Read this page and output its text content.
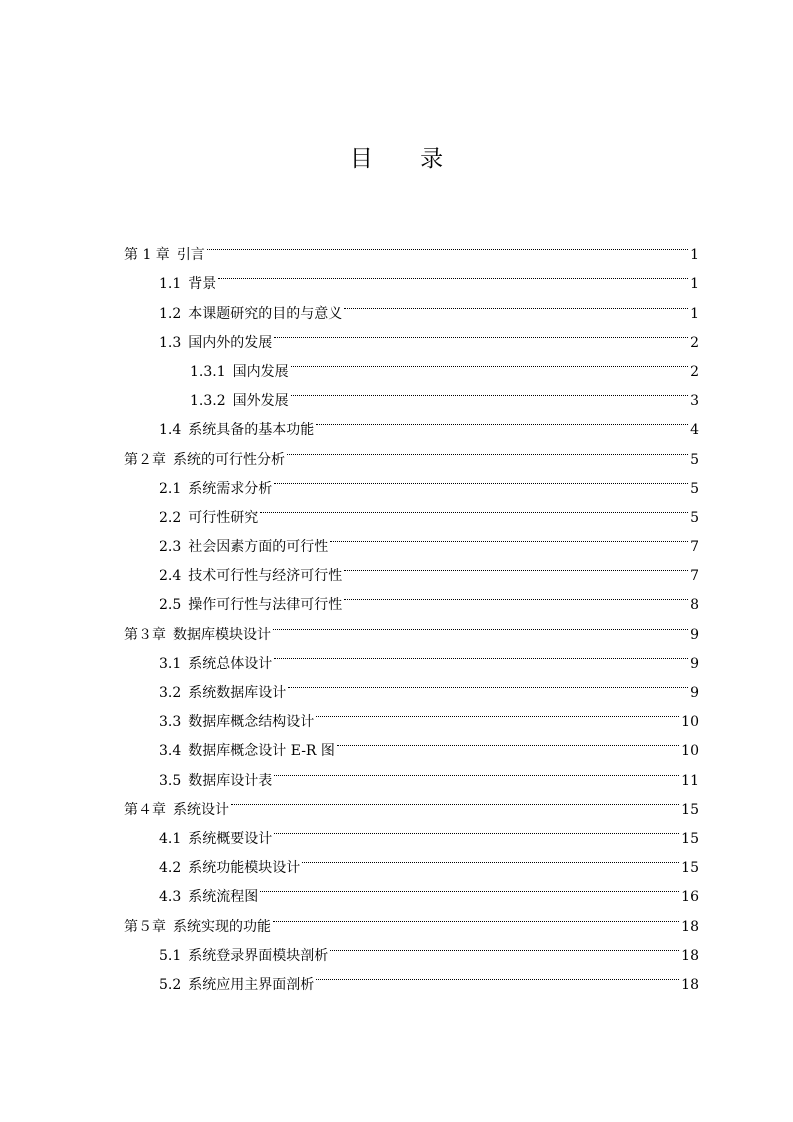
目 录
第 1 章 引言	1
1.1 背景	1
1.2 本课题研究的目的与意义	1
1.3 国内外的发展	2
1.3.1 国内发展	2
1.3.2 国外发展	3
1.4 系统具备的基本功能	4
第２章 系统的可行性分析	5
2.1 系统需求分析	5
2.2 可行性研究	5
2.3 社会因素方面的可行性	7
2.4 技术可行性与经济可行性	7
2.5 操作可行性与法律可行性	8
第３章 数据库模块设计	9
3.1 系统总体设计	9
3.2 系统数据库设计	9
3.3 数据库概念结构设计	10
3.4 数据库概念设计 E-R 图	10
3.5 数据库设计表	11
第４章 系统设计	15
4.1 系统概要设计	15
4.2 系统功能模块设计	15
4.3 系统流程图	16
第５章 系统实现的功能	18
5.1 系统登录界面模块剖析	18
5.2 系统应用主界面剖析	18
